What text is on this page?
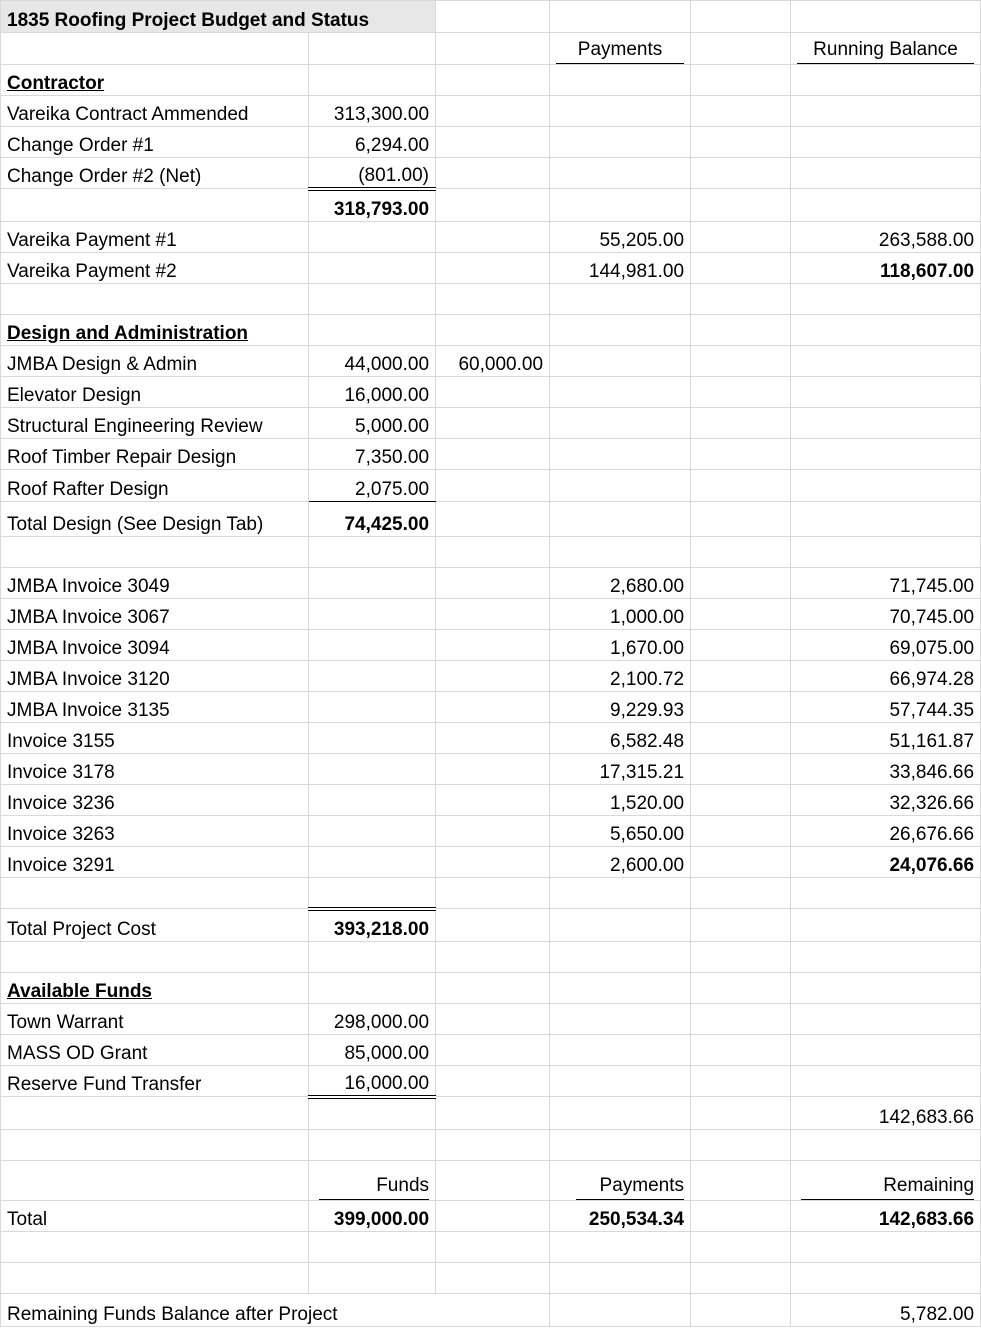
1835 Roofing Project Budget and Status					

			Payments		Running Balance

Contractor					
Vareika Contract Ammended	313,300.00				
Change Order #1	6,294.00				
Change Order #2 (Net)	(801.00)				
	318,793.00				
Vareika Payment #1			55,205.00		263,588.00
Vareika Payment #2			144,981.00		118,607.00

Design and Administration					
JMBA Design & Admin	44,000.00	60,000.00			
Elevator Design	16,000.00				
Structural Engineering Review	5,000.00				
Roof Timber Repair Design	7,350.00				
Roof Rafter Design	2,075.00				
Total Design (See Design Tab)	74,425.00				

JMBA Invoice 3049			2,680.00		71,745.00
JMBA Invoice 3067			1,000.00		70,745.00
JMBA Invoice 3094			1,670.00		69,075.00
JMBA Invoice 3120			2,100.72		66,974.28
JMBA Invoice 3135			9,229.93		57,744.35
Invoice 3155			6,582.48		51,161.87
Invoice 3178			17,315.21		33,846.66
Invoice 3236			1,520.00		32,326.66
Invoice 3263			5,650.00		26,676.66
Invoice 3291			2,600.00		24,076.66

Total Project Cost	393,218.00				

Available Funds					
Town Warrant	298,000.00				
MASS OD Grant	85,000.00				
Reserve Fund Transfer	16,000.00				
					142,683.66

	Funds		Payments		Remaining

Total	399,000.00		250,534.34		142,683.66

Remaining Funds Balance after Project					5,782.00
